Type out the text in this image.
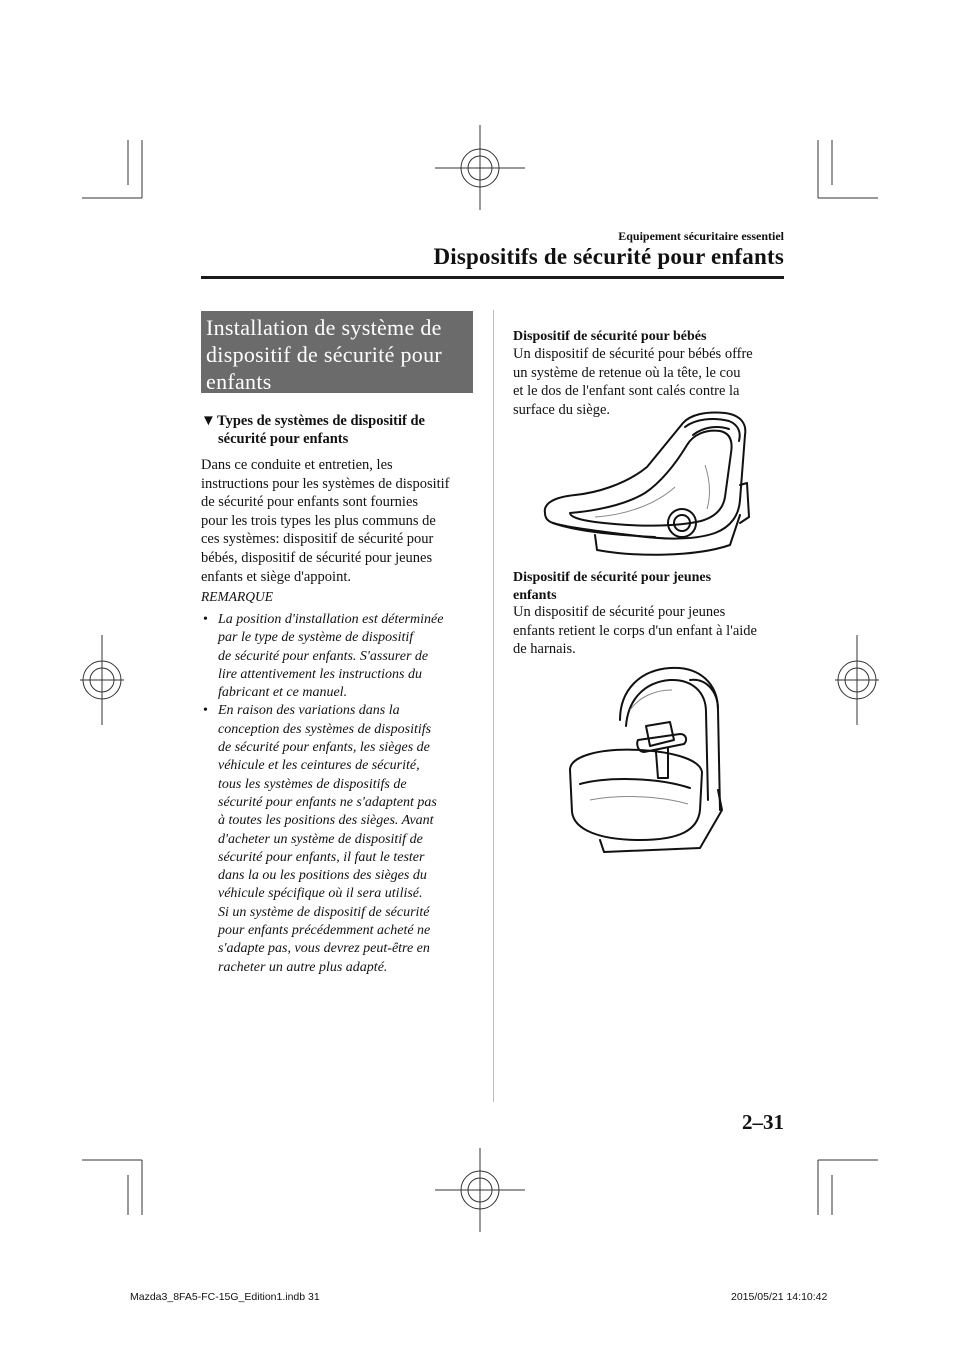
Equipement sécuritaire essentiel
Dispositifs de sécurité pour enfants
Installation de système de
dispositif de sécurité pour
enfants
▼Types de systèmes de dispositif de
sécurité pour enfants
Dans ce conduite et entretien, les
instructions pour les systèmes de dispositif
de sécurité pour enfants sont fournies
pour les trois types les plus communs de
ces systèmes: dispositif de sécurité pour
bébés, dispositif de sécurité pour jeunes
enfants et siège d'appoint.
REMARQUE
• La position d'installation est déterminée
par le type de système de dispositif
de sécurité pour enfants. S'assurer de
lire attentivement les instructions du
fabricant et ce manuel.
• En raison des variations dans la
conception des systèmes de dispositifs
de sécurité pour enfants, les sièges de
véhicule et les ceintures de sécurité,
tous les systèmes de dispositifs de
sécurité pour enfants ne s'adaptent pas
à toutes les positions des sièges. Avant
d'acheter un système de dispositif de
sécurité pour enfants, il faut le tester
dans la ou les positions des sièges du
véhicule spécifique où il sera utilisé.
Si un système de dispositif de sécurité
pour enfants précédemment acheté ne
s'adapte pas, vous devrez peut-être en
racheter un autre plus adapté.
Dispositif de sécurité pour bébés
Un dispositif de sécurité pour bébés offre
un système de retenue où la tête, le cou
et le dos de l'enfant sont calés contre la
surface du siège.
Dispositif de sécurité pour jeunes
enfants
Un dispositif de sécurité pour jeunes
enfants retient le corps d'un enfant à l'aide
de harnais.
2–31
Mazda3_8FA5-FC-15G_Edition1.indb 31	2015/05/21 14:10:42
